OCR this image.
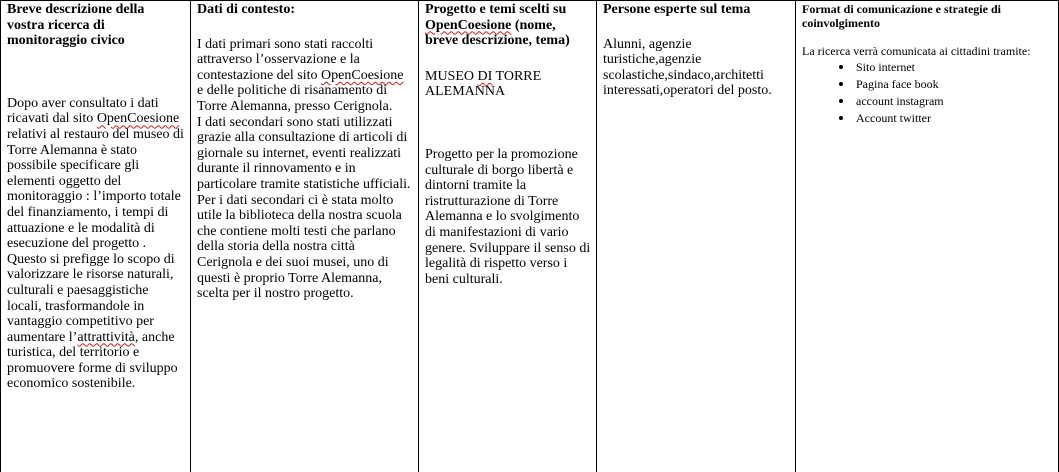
Breve descrizione della vostra ricerca di monitoraggio civico

Dopo aver consultato i dati ricavati dal sito OpenCoesione relativi al restauro del museo di Torre Alemanna è stato possibile specificare gli elementi oggetto del monitoraggio : l’importo totale del finanziamento, i tempi di attuazione e le modalità di esecuzione del progetto . Questo si prefigge lo scopo di valorizzare le risorse naturali, culturali e paesaggistiche locali, trasformandole in vantaggio competitivo per aumentare l’attrattività, anche turistica, del territorio e promuovere forme di sviluppo economico sostenibile.

Dati di contesto:

I dati primari sono stati raccolti attraverso l’osservazione e la contestazione del sito OpenCoesione e delle politiche di risanamento di Torre Alemanna, presso Cerignola.

I dati secondari sono stati utilizzati grazie alla consultazione di articoli di giornale su internet, eventi realizzati durante il rinnovamento e in particolare tramite statistiche ufficiali.

Per i dati secondari ci è stata molto utile la biblioteca della nostra scuola che contiene molti testi che parlano della storia della nostra città Cerignola e dei suoi musei, uno di questi è proprio Torre Alemanna, scelta per il nostro progetto.

Progetto e temi scelti su OpenCoesione (nome, breve descrizione, tema)

MUSEO DI TORRE ALEMANNA

Progetto per la promozione culturale di borgo libertà e dintorni tramite la ristrutturazione di Torre Alemanna e lo svolgimento di manifestazioni di vario genere. Sviluppare il senso di legalità di rispetto verso i beni culturali.

Persone esperte sul tema

Alunni, agenzie turistiche,agenzie scolastiche,sindaco,architetti interessati,operatori del posto.

Format di comunicazione e strategie di coinvolgimento

La ricerca verrà comunicata ai cittadini tramite:

Sito internet
Pagina face book
account instagram
Account twitter
